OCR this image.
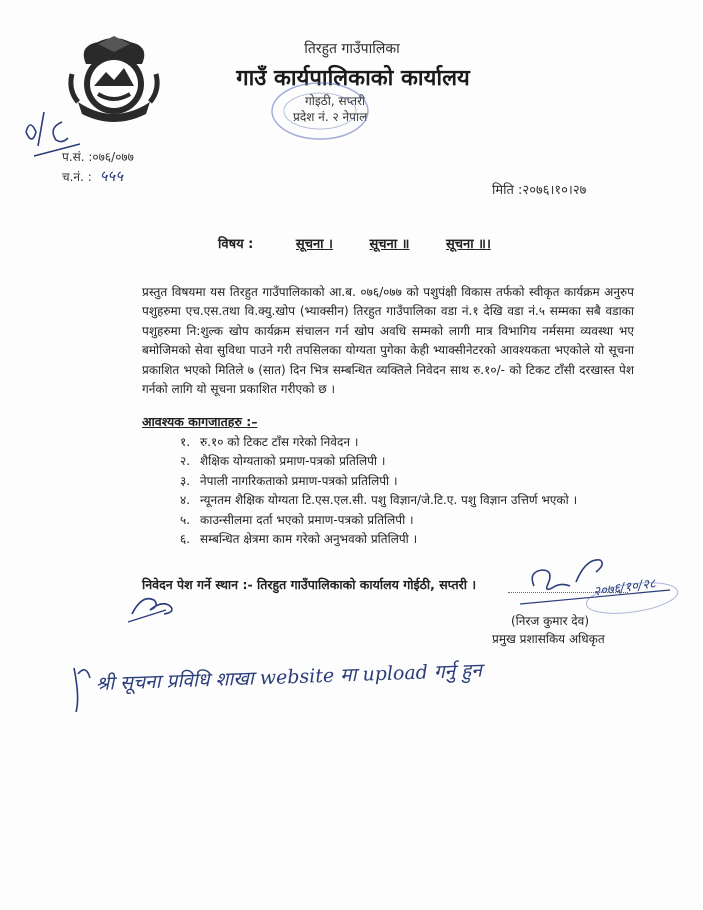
तिरहुत गाउँपालिका
गाउँ कार्यपालिकाको कार्यालय
गोइठी, सप्तरी
प्रदेश नं. २ नेपाल
प.सं. :०७६/०७७
च.नं. : ५५५
मिति :२०७६।१०।२७
विषय :	सूचना ।	सूचना ॥	सूचना ॥।
प्रस्तुत विषयमा यस तिरहुत गाउँपालिकाको आ.ब. ०७६/०७७ को पशुपंक्षी विकास तर्फको स्वीकृत कार्यक्रम अनुरुप पशुहरुमा एच.एस.तथा वि.क्यु.खोप (भ्याक्सीन) तिरहुत गाउँपालिका वडा नं.१ देखि वडा नं.५ सम्मका सबै वडाका पशुहरुमा नि:शुल्क खोप कार्यक्रम संचालन गर्न खोप अवधि सम्मको लागी मात्र विभागिय नर्मसमा व्यवस्था भए बमोजिमको सेवा सुविधा पाउने गरी तपसिलका योग्यता पुगेका केही भ्याक्सीनेटरको आवश्यकता भएकोले यो सूचना प्रकाशित भएको मितिले ७ (सात) दिन भित्र सम्बन्धित व्यक्तिले निवेदन साथ रु.१०/- को टिकट टाँसी दरखास्त पेश गर्नको लागि यो सूचना प्रकाशित गरीएको छ ।
आवश्यक कागजातहरु :–
१. रु.१० को टिकट टाँस गरेको निवेदन ।
२. शैक्षिक योग्यताको प्रमाण-पत्रको प्रतिलिपी ।
३. नेपाली नागरिकताको प्रमाण-पत्रको प्रतिलिपी ।
४. न्यूनतम शैक्षिक योग्यता टि.एस.एल.सी. पशु विज्ञान/जे.टि.ए. पशु विज्ञान उत्तिर्ण भएको ।
५. काउन्सीलमा दर्ता भएको प्रमाण-पत्रको प्रतिलिपी ।
६. सम्बन्धित क्षेत्रमा काम गरेको अनुभवको प्रतिलिपी ।
निवेदन पेश गर्ने स्थान :- तिरहुत गाउँपालिकाको कार्यालय गोईठी, सप्तरी ।	२०७६/१०/२८
(निरज कुमार देव)
प्रमुख प्रशासकिय अधिकृत
श्री सूचना प्रविधि शाखा website मा upload गर्नु हुन
